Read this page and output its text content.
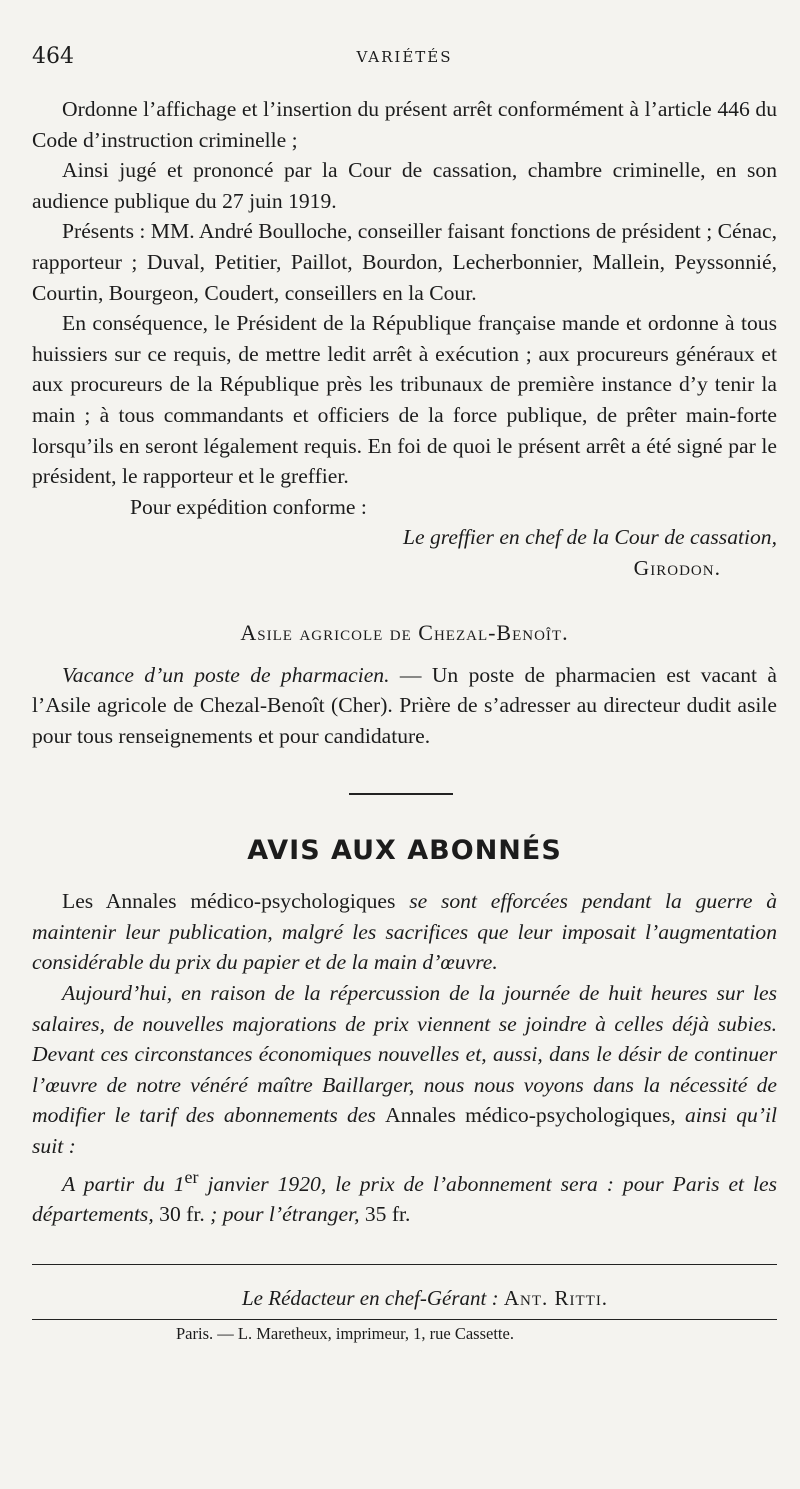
464	VARIÉTÉS

Ordonne l’affichage et l’insertion du présent arrêt conformément à l’article 446 du Code d’instruction criminelle ;

Ainsi jugé et prononcé par la Cour de cassation, chambre criminelle, en son audience publique du 27 juin 1919.

Présents : MM. André Boulloche, conseiller faisant fonctions de président ; Cénac, rapporteur ; Duval, Petitier, Paillot, Bourdon, Lecherbonnier, Mallein, Peyssonnié, Courtin, Bourgeon, Coudert, conseillers en la Cour.

En conséquence, le Président de la République française mande et ordonne à tous huissiers sur ce requis, de mettre ledit arrêt à exécution ; aux procureurs généraux et aux procureurs de la République près les tribunaux de première instance d’y tenir la main ; à tous commandants et officiers de la force publique, de prêter main-forte lorsqu’ils en seront légalement requis. En foi de quoi le présent arrêt a été signé par le président, le rapporteur et le greffier.

Pour expédition conforme :

Le greffier en chef de la Cour de cassation,

Girodon.

Asile agricole de Chezal-Benoît.

Vacance d’un poste de pharmacien. — Un poste de pharmacien est vacant à l’Asile agricole de Chezal-Benoît (Cher). Prière de s’adresser au directeur dudit asile pour tous renseignements et pour candidature.

AVIS AUX ABONNÉS

Les Annales médico-psychologiques se sont efforcées pendant la guerre à maintenir leur publication, malgré les sacrifices que leur imposait l’augmentation considérable du prix du papier et de la main d’œuvre.

Aujourd’hui, en raison de la répercussion de la journée de huit heures sur les salaires, de nouvelles majorations de prix viennent se joindre à celles déjà subies. Devant ces circonstances économiques nouvelles et, aussi, dans le désir de continuer l’œuvre de notre vénéré maître Baillarger, nous nous voyons dans la nécessité de modifier le tarif des abonnements des Annales médico-psychologiques, ainsi qu’il suit :

A partir du 1er janvier 1920, le prix de l’abonnement sera : pour Paris et les départements, 30 fr. ; pour l’étranger, 35 fr.

Le Rédacteur en chef-Gérant : Ant. Ritti.
Paris. — L. Maretheux, imprimeur, 1, rue Cassette.
